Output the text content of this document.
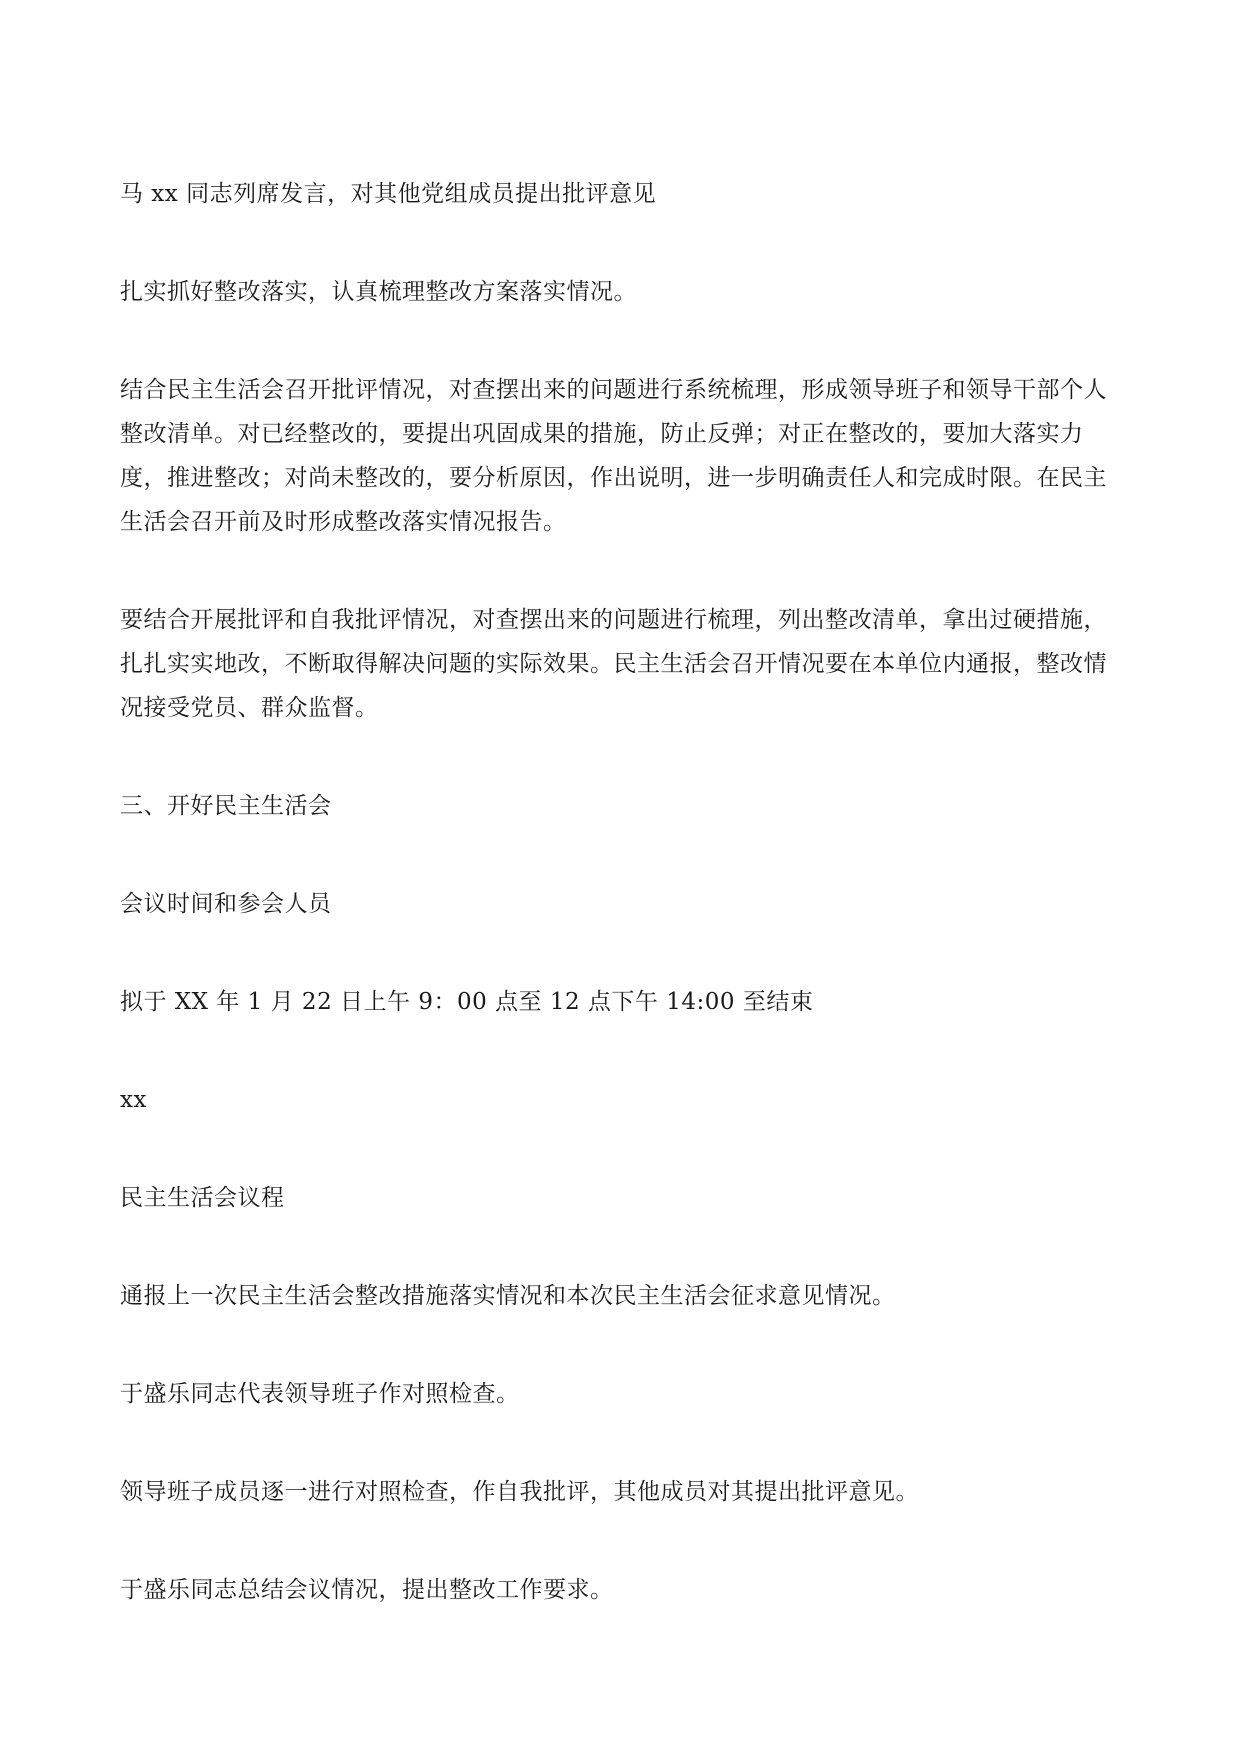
马 xx 同志列席发言，对其他党组成员提出批评意见

扎实抓好整改落实，认真梳理整改方案落实情况。

结合民主生活会召开批评情况，对查摆出来的问题进行系统梳理，形成领导班子和领导干部个人整改清单。对已经整改的，要提出巩固成果的措施，防止反弹；对正在整改的，要加大落实力度，推进整改；对尚未整改的，要分析原因，作出说明，进一步明确责任人和完成时限。在民主生活会召开前及时形成整改落实情况报告。

要结合开展批评和自我批评情况，对查摆出来的问题进行梳理，列出整改清单，拿出过硬措施，扎扎实实地改，不断取得解决问题的实际效果。民主生活会召开情况要在本单位内通报，整改情况接受党员、群众监督。

三、开好民主生活会

会议时间和参会人员

拟于 XX 年 1 月 22 日上午 9：00 点至 12 点下午 14:00 至结束

xx

民主生活会议程

通报上一次民主生活会整改措施落实情况和本次民主生活会征求意见情况。

于盛乐同志代表领导班子作对照检查。

领导班子成员逐一进行对照检查，作自我批评，其他成员对其提出批评意见。

于盛乐同志总结会议情况，提出整改工作要求。
